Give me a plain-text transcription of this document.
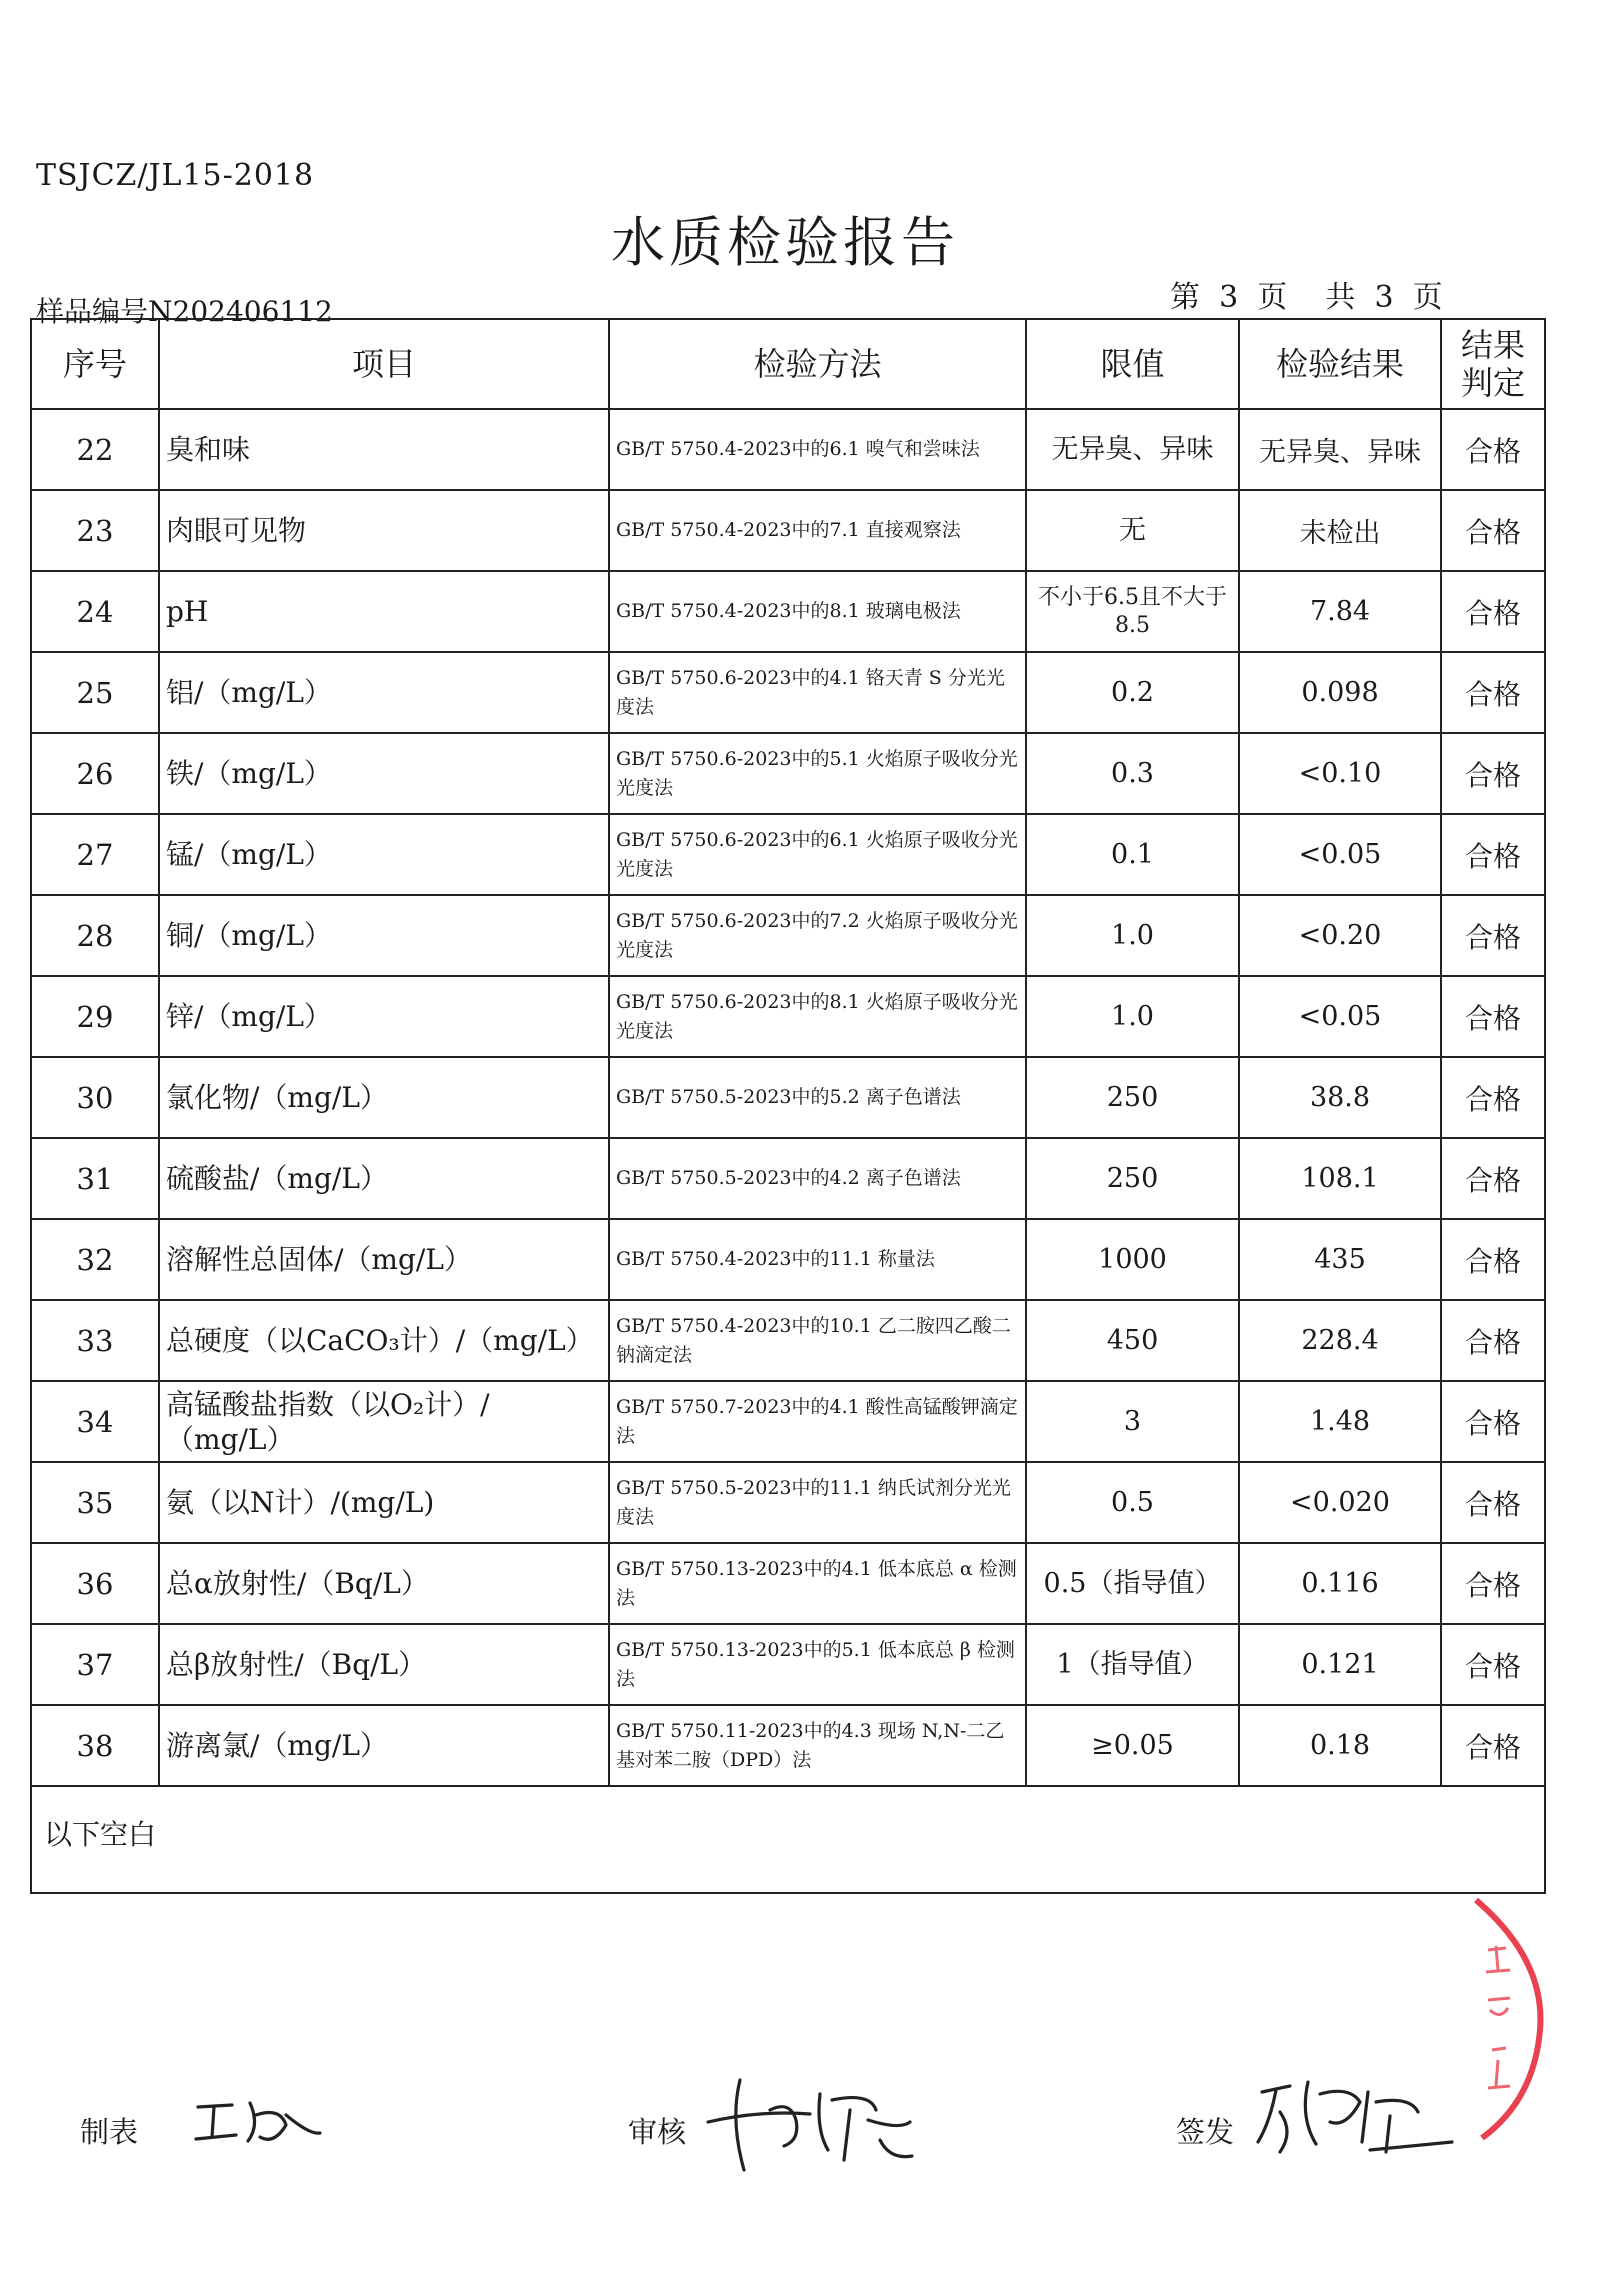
TSJCZ/JL15-2018
水质检验报告
样品编号N202406112	第  3  页    共  3  页
序号	项目	检验方法	限值	检验结果	结果
判定

22	臭和味	GB/T 5750.4-2023中的6.1 嗅气和尝味法	无异臭、异味	无异臭、异味	合格
23	肉眼可见物	GB/T 5750.4-2023中的7.1 直接观察法	无	未检出	合格
24	pH	GB/T 5750.4-2023中的8.1 玻璃电极法	不小于6.5且不大于8.5	7.84	合格
25	铝/（mg/L）	GB/T 5750.6-2023中的4.1 铬天青 S 分光光度法	0.2	0.098	合格
26	铁/（mg/L）	GB/T 5750.6-2023中的5.1 火焰原子吸收分光光度法	0.3	<0.10	合格
27	锰/（mg/L）	GB/T 5750.6-2023中的6.1 火焰原子吸收分光光度法	0.1	<0.05	合格
28	铜/（mg/L）	GB/T 5750.6-2023中的7.2 火焰原子吸收分光光度法	1.0	<0.20	合格
29	锌/（mg/L）	GB/T 5750.6-2023中的8.1 火焰原子吸收分光光度法	1.0	<0.05	合格
30	氯化物/（mg/L）	GB/T 5750.5-2023中的5.2 离子色谱法	250	38.8	合格
31	硫酸盐/（mg/L）	GB/T 5750.5-2023中的4.2 离子色谱法	250	108.1	合格
32	溶解性总固体/（mg/L）	GB/T 5750.4-2023中的11.1 称量法	1000	435	合格
33	总硬度（以CaCO₃计）/（mg/L）	GB/T 5750.4-2023中的10.1 乙二胺四乙酸二钠滴定法	450	228.4	合格
34	高锰酸盐指数（以O₂计）/（mg/L）	GB/T 5750.7-2023中的4.1 酸性高锰酸钾滴定法	3	1.48	合格
35	氨（以N计）/(mg/L)	GB/T 5750.5-2023中的11.1 纳氏试剂分光光度法	0.5	<0.020	合格
36	总α放射性/（Bq/L）	GB/T 5750.13-2023中的4.1 低本底总 α 检测法	0.5（指导值）	0.116	合格
37	总β放射性/（Bq/L）	GB/T 5750.13-2023中的5.1 低本底总 β 检测法	1（指导值）	0.121	合格
38	游离氯/（mg/L）	GB/T 5750.11-2023中的4.3 现场 N,N-二乙基对苯二胺（DPD）法	≥0.05	0.18	合格
以下空白					
制表	审核	签发
